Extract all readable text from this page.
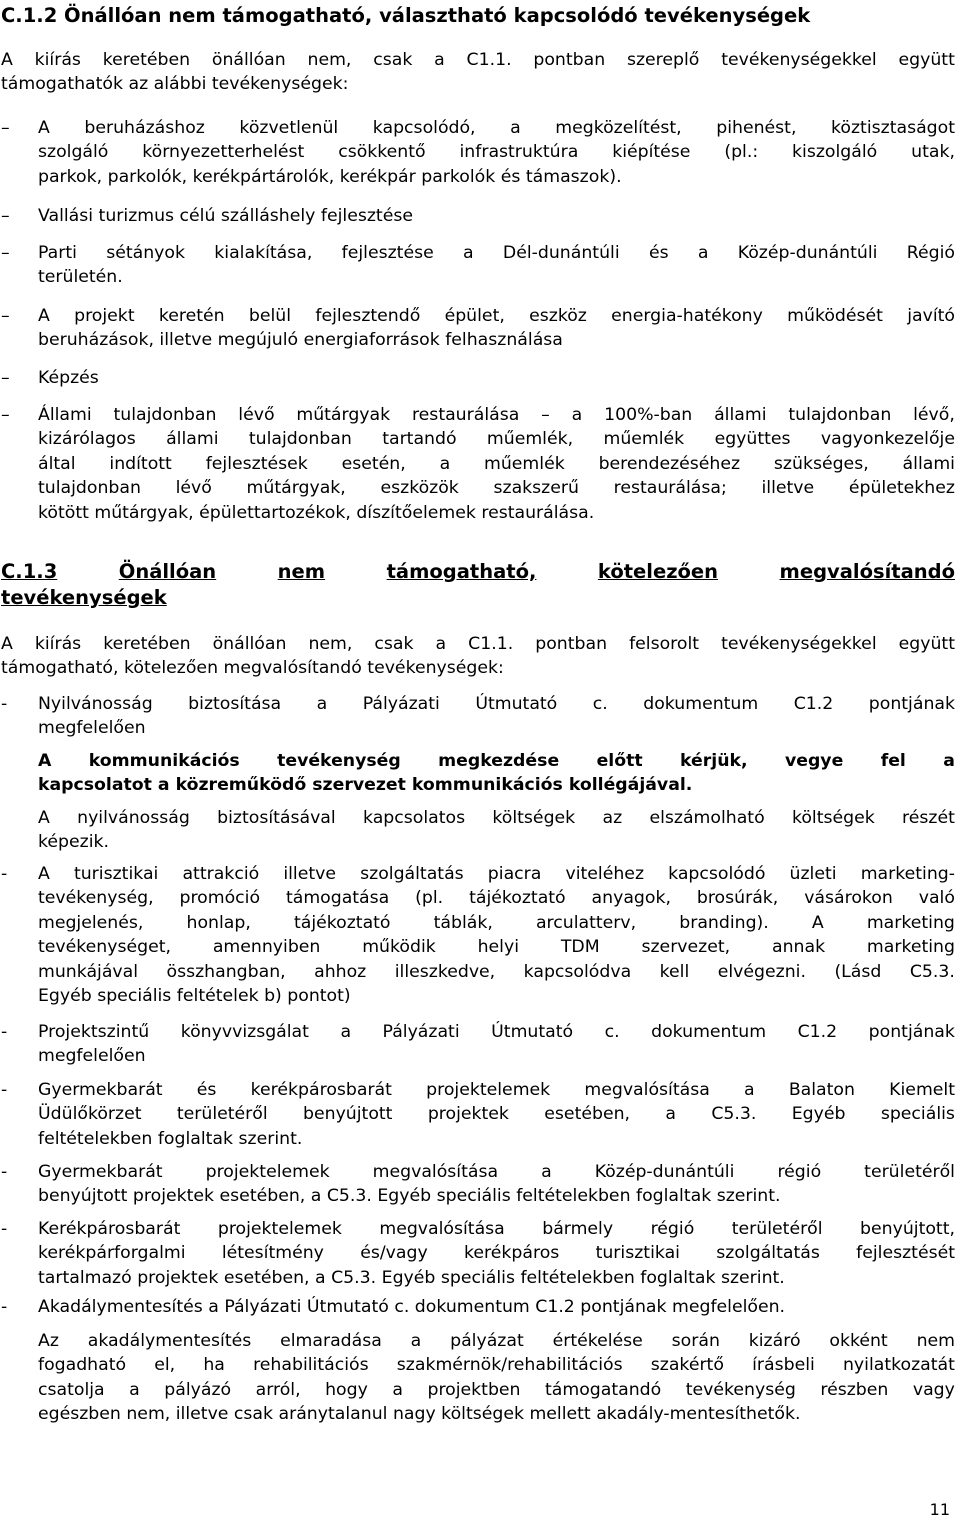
C.1.2 Önállóan nem támogatható, választható kapcsolódó tevékenységek
A kiírás keretében önállóan nem, csak a C1.1. pontban szereplő tevékenységekkel együtt
támogathatók az alábbi tevékenységek:
– A beruházáshoz közvetlenül kapcsolódó, a megközelítést, pihenést, köztisztaságot
szolgáló környezetterhelést csökkentő infrastruktúra kiépítése (pl.: kiszolgáló utak,
parkok, parkolók, kerékpártárolók, kerékpár parkolók és támaszok).
– Vallási turizmus célú szálláshely fejlesztése
– Parti sétányok kialakítása, fejlesztése a Dél-dunántúli és a Közép-dunántúli Régió
területén.
– A projekt keretén belül fejlesztendő épület, eszköz energia-hatékony működését javító
beruházások, illetve megújuló energiaforrások felhasználása
– Képzés
– Állami tulajdonban lévő műtárgyak restaurálása – a 100%-ban állami tulajdonban lévő,
kizárólagos állami tulajdonban tartandó műemlék, műemlék együttes vagyonkezelője
által indított fejlesztések esetén, a műemlék berendezéséhez szükséges, állami
tulajdonban lévő műtárgyak, eszközök szakszerű restaurálása; illetve épületekhez
kötött műtárgyak, épülettartozékok, díszítőelemek restaurálása.
C.1.3	Önállóan	nem	támogatható,	kötelezően	megvalósítandó
tevékenységek
A kiírás keretében önállóan nem, csak a C1.1. pontban felsorolt tevékenységekkel együtt
támogatható, kötelezően megvalósítandó tevékenységek:
- Nyilvánosság biztosítása a Pályázati Útmutató c. dokumentum C1.2 pontjának
megfelelően
A kommunikációs tevékenység megkezdése előtt kérjük, vegye fel a
kapcsolatot a közreműködő szervezet kommunikációs kollégájával.
A nyilvánosság biztosításával kapcsolatos költségek az elszámolható költségek részét
képezik.
- A turisztikai attrakció illetve szolgáltatás piacra viteléhez kapcsolódó üzleti marketing-
tevékenység, promóció támogatása (pl. tájékoztató anyagok, brosúrák, vásárokon való
megjelenés, honlap, tájékoztató táblák, arculatterv, branding). A marketing
tevékenységet, amennyiben működik helyi TDM szervezet, annak marketing
munkájával összhangban, ahhoz illeszkedve, kapcsolódva kell elvégezni. (Lásd C5.3.
Egyéb speciális feltételek b) pontot)
- Projektszintű könyvvizsgálat a Pályázati Útmutató c. dokumentum C1.2 pontjának
megfelelően
- Gyermekbarát és kerékpárosbarát projektelemek megvalósítása a Balaton Kiemelt
Üdülőkörzet területéről benyújtott projektek esetében, a C5.3. Egyéb speciális
feltételekben foglaltak szerint.
- Gyermekbarát projektelemek megvalósítása a Közép-dunántúli régió területéről
benyújtott projektek esetében, a C5.3. Egyéb speciális feltételekben foglaltak szerint.
- Kerékpárosbarát projektelemek megvalósítása bármely régió területéről benyújtott,
kerékpárforgalmi létesítmény és/vagy kerékpáros turisztikai szolgáltatás fejlesztését
tartalmazó projektek esetében, a C5.3. Egyéb speciális feltételekben foglaltak szerint.
- Akadálymentesítés a Pályázati Útmutató c. dokumentum C1.2 pontjának megfelelően.
Az akadálymentesítés elmaradása a pályázat értékelése során kizáró okként nem
fogadható el, ha rehabilitációs szakmérnök/rehabilitációs szakértő írásbeli nyilatkozatát
csatolja a pályázó arról, hogy a projektben támogatandó tevékenység részben vagy
egészben nem, illetve csak aránytalanul nagy költségek mellett akadály-mentesíthetők.
11
